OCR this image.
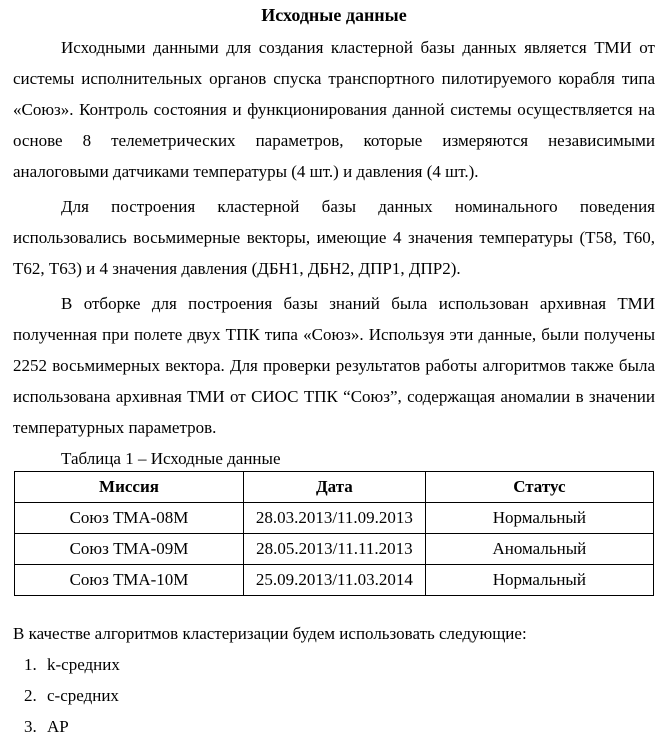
Исходные данные

Исходными данными для создания кластерной базы данных является ТМИ от системы исполнительных органов спуска транспортного пилотируемого корабля типа «Союз». Контроль состояния и функционирования данной системы осуществляется на основе 8 телеметрических параметров, которые измеряются независимыми аналоговыми датчиками температуры (4 шт.) и давления (4 шт.).

Для построения кластерной базы данных номинального поведения использовались восьмимерные векторы, имеющие 4 значения температуры (Т58, Т60, Т62, Т63) и 4 значения давления (ДБН1, ДБН2, ДПР1, ДПР2).

В отборке для построения базы знаний была использован архивная ТМИ полученная при полете двух ТПК типа «Союз». Используя эти данные, были получены 2252 восьмимерных вектора. Для проверки результатов работы алгоритмов также была использована архивная ТМИ от СИОС ТПК “Союз”, содержащая аномалии в значении температурных параметров.

Таблица 1 – Исходные данные
Миссия	Дата	Статус
Союз ТМА-08М	28.03.2013/11.09.2013	Нормальный
Союз ТМА-09М	28.05.2013/11.11.2013	Аномальный
Союз ТМА-10М	25.09.2013/11.03.2014	Нормальный
В качестве алгоритмов кластеризации будем использовать следующие:
1. k-средних
2. c-средних
3. AP
